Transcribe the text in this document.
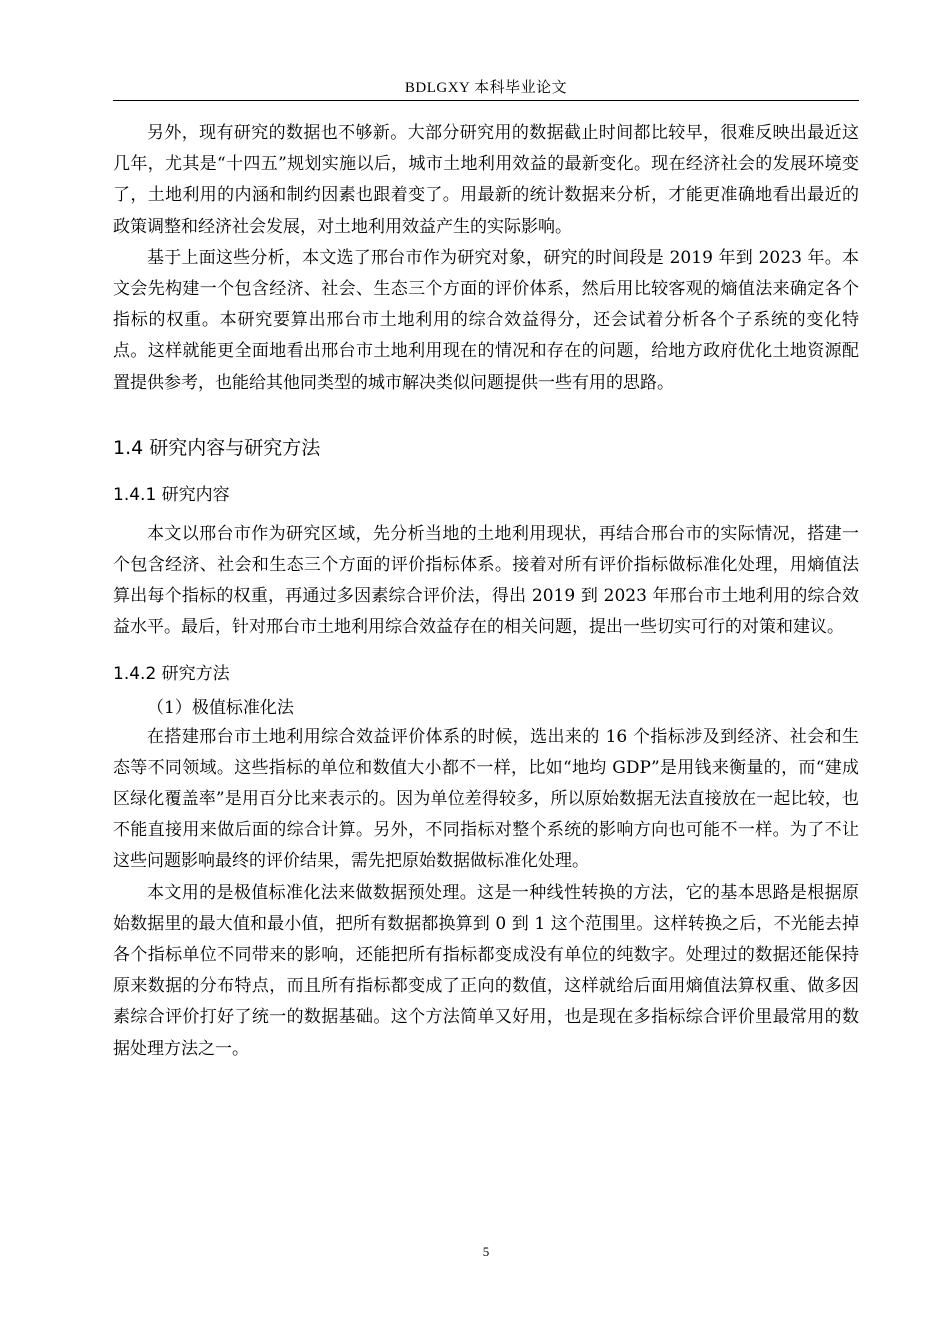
BDLGXY 本科毕业论文

另外，现有研究的数据也不够新。大部分研究用的数据截止时间都比较早，很难反映出最近这几年，尤其是“十四五”规划实施以后，城市土地利用效益的最新变化。现在经济社会的发展环境变了，土地利用的内涵和制约因素也跟着变了。用最新的统计数据来分析，才能更准确地看出最近的政策调整和经济社会发展，对土地利用效益产生的实际影响。

基于上面这些分析，本文选了邢台市作为研究对象，研究的时间段是 2019 年到 2023 年。本文会先构建一个包含经济、社会、生态三个方面的评价体系，然后用比较客观的熵值法来确定各个指标的权重。本研究要算出邢台市土地利用的综合效益得分，还会试着分析各个子系统的变化特点。这样就能更全面地看出邢台市土地利用现在的情况和存在的问题，给地方政府优化土地资源配置提供参考，也能给其他同类型的城市解决类似问题提供一些有用的思路。

1.4 研究内容与研究方法
1.4.1 研究内容

本文以邢台市作为研究区域，先分析当地的土地利用现状，再结合邢台市的实际情况，搭建一个包含经济、社会和生态三个方面的评价指标体系。接着对所有评价指标做标准化处理，用熵值法算出每个指标的权重，再通过多因素综合评价法，得出 2019 到 2023 年邢台市土地利用的综合效益水平。最后，针对邢台市土地利用综合效益存在的相关问题，提出一些切实可行的对策和建议。

1.4.2 研究方法

（1）极值标准化法

在搭建邢台市土地利用综合效益评价体系的时候，选出来的 16 个指标涉及到经济、社会和生态等不同领域。这些指标的单位和数值大小都不一样，比如“地均 GDP”是用钱来衡量的，而“建成区绿化覆盖率”是用百分比来表示的。因为单位差得较多，所以原始数据无法直接放在一起比较，也不能直接用来做后面的综合计算。另外，不同指标对整个系统的影响方向也可能不一样。为了不让这些问题影响最终的评价结果，需先把原始数据做标准化处理。

本文用的是极值标准化法来做数据预处理。这是一种线性转换的方法，它的基本思路是根据原始数据里的最大值和最小值，把所有数据都换算到 0 到 1 这个范围里。这样转换之后，不光能去掉各个指标单位不同带来的影响，还能把所有指标都变成没有单位的纯数字。处理过的数据还能保持原来数据的分布特点，而且所有指标都变成了正向的数值，这样就给后面用熵值法算权重、做多因素综合评价打好了统一的数据基础。这个方法简单又好用，也是现在多指标综合评价里最常用的数据处理方法之一。

5
